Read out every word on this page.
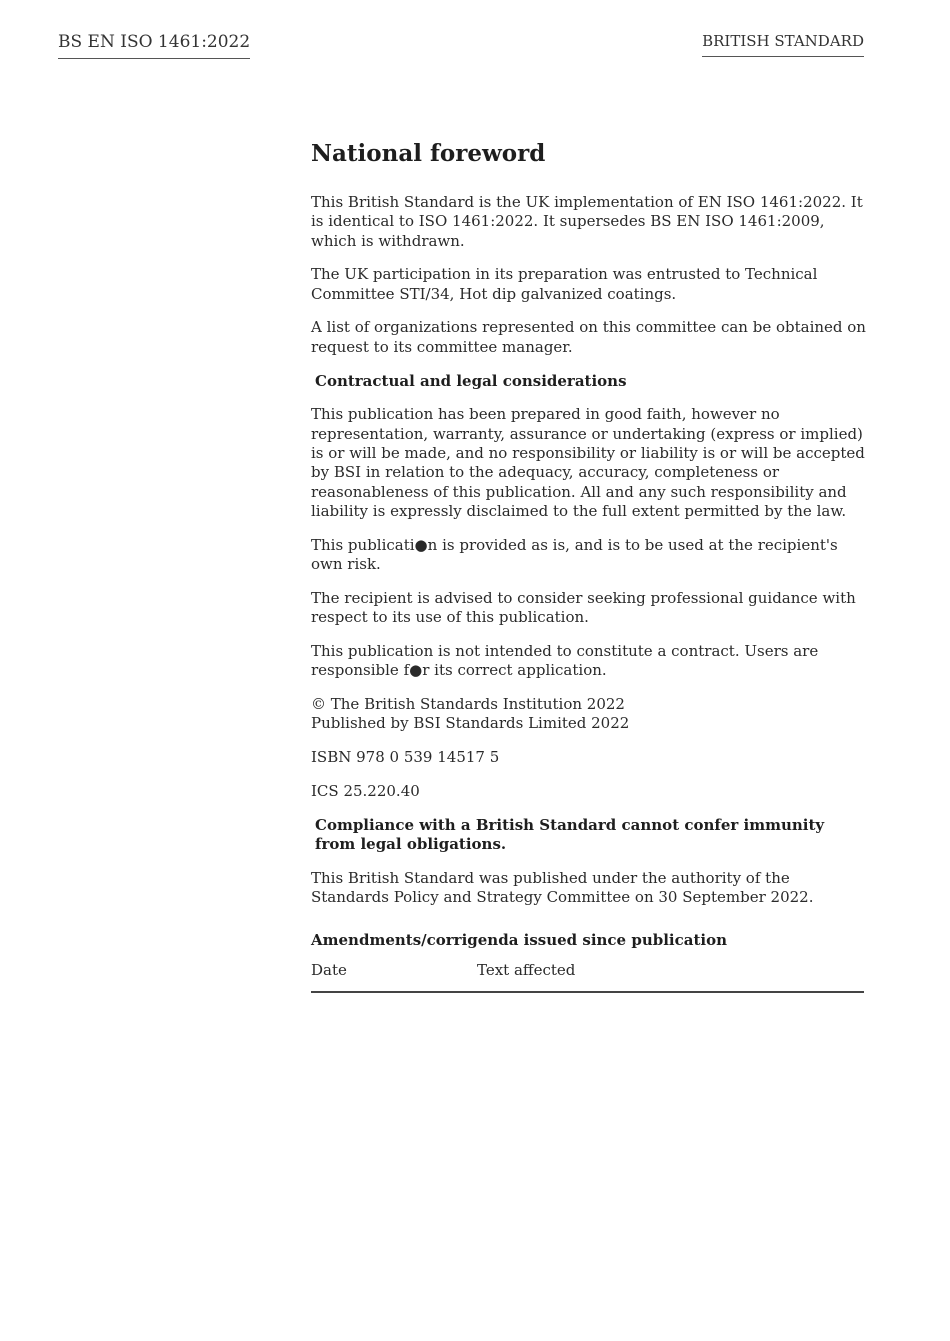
BS EN ISO 1461:2022	BRITISH STANDARD
National foreword

This British Standard is the UK implementation of EN ISO 1461:2022. It is identical to ISO 1461:2022. It supersedes BS EN ISO 1461:2009, which is withdrawn.

The UK participation in its preparation was entrusted to Technical Committee STI/34, Hot dip galvanized coatings.

A list of organizations represented on this committee can be obtained on request to its committee manager.

Contractual and legal considerations

This publication has been prepared in good faith, however no representation, warranty, assurance or undertaking (express or implied) is or will be made, and no responsibility or liability is or will be accepted by BSI in relation to the adequacy, accuracy, completeness or reasonableness of this publication. All and any such responsibility and liability is expressly disclaimed to the full extent permitted by the law.

This publicati●n is provided as is, and is to be used at the recipient's own risk.

The recipient is advised to consider seeking professional guidance with respect to its use of this publication.

This publication is not intended to constitute a contract. Users are responsible f●r its correct application.

© The British Standards Institution 2022
Published by BSI Standards Limited 2022

ISBN 978 0 539 14517 5

ICS 25.220.40

Compliance with a British Standard cannot confer immunity from legal obligations.

This British Standard was published under the authority of the Standards Policy and Strategy Committee on 30 September 2022.

Amendments/corrigenda issued since publication
Date	Text affected
